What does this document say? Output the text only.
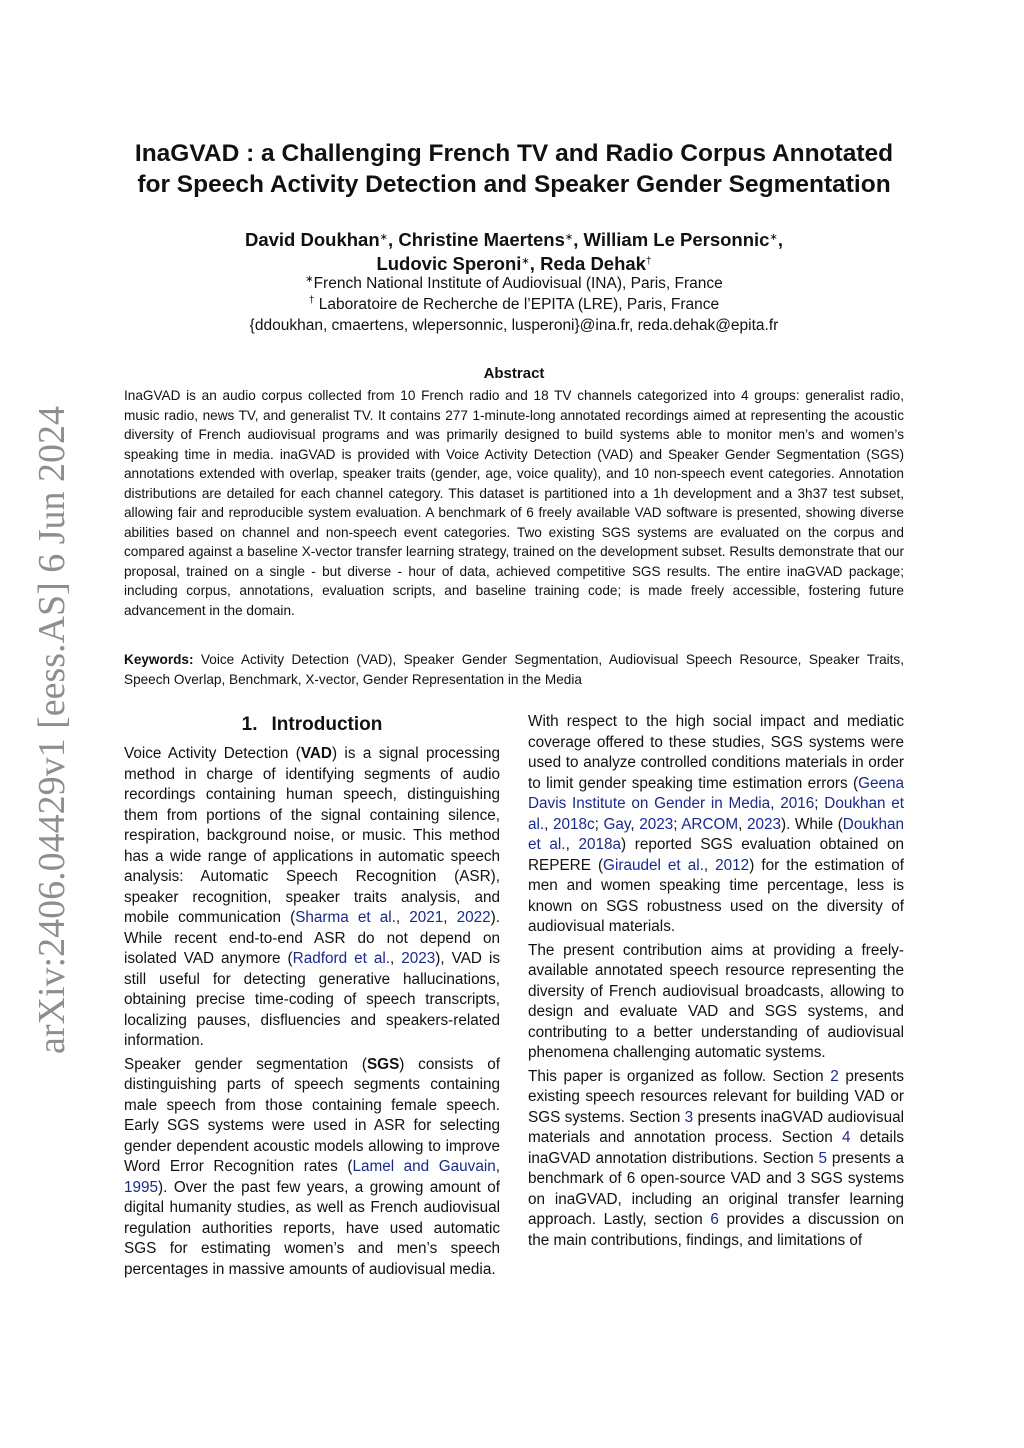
arXiv:2406.04429v1 [eess.AS] 6 Jun 2024
InaGVAD : a Challenging French TV and Radio Corpus Annotated
for Speech Activity Detection and Speaker Gender Segmentation
David Doukhan∗, Christine Maertens∗, William Le Personnic∗,
Ludovic Speroni∗, Reda Dehak†
∗French National Institute of Audiovisual (INA), Paris, France
† Laboratoire de Recherche de l’EPITA (LRE), Paris, France
{ddoukhan, cmaertens, wlepersonnic, lusperoni}@ina.fr, reda.dehak@epita.fr
Abstract

InaGVAD is an audio corpus collected from 10 French radio and 18 TV channels categorized into 4 groups: generalist radio, music radio, news TV, and generalist TV. It contains 277 1-minute-long annotated recordings aimed at representing the acoustic diversity of French audiovisual programs and was primarily designed to build systems able to monitor men’s and women’s speaking time in media. inaGVAD is provided with Voice Activity Detection (VAD) and Speaker Gender Segmentation (SGS) annotations extended with overlap, speaker traits (gender, age, voice quality), and 10 non-speech event categories. Annotation distributions are detailed for each channel category. This dataset is partitioned into a 1h development and a 3h37 test subset, allowing fair and reproducible system evaluation. A benchmark of 6 freely available VAD software is presented, showing diverse abilities based on channel and non-speech event categories. Two existing SGS systems are evaluated on the corpus and compared against a baseline X-vector transfer learning strategy, trained on the development subset. Results demonstrate that our proposal, trained on a single - but diverse - hour of data, achieved competitive SGS results. The entire inaGVAD package; including corpus, annotations, evaluation scripts, and baseline training code; is made freely accessible, fostering future advancement in the domain.

Keywords: Voice Activity Detection (VAD), Speaker Gender Segmentation, Audiovisual Speech Resource, Speaker Traits, Speech Overlap, Benchmark, X-vector, Gender Representation in the Media

1. Introduction

Voice Activity Detection (VAD) is a signal processing method in charge of identifying segments of audio recordings containing human speech, distinguishing them from portions of the signal containing silence, respiration, background noise, or music. This method has a wide range of applications in automatic speech analysis: Automatic Speech Recognition (ASR), speaker recognition, speaker traits analysis, and mobile communication (Sharma et al., 2021, 2022). While recent end-to-end ASR do not depend on isolated VAD anymore (Radford et al., 2023), VAD is still useful for detecting generative hallucinations, obtaining precise time-coding of speech transcripts, localizing pauses, disfluencies and speakers-related information.

Speaker gender segmentation (SGS) consists of distinguishing parts of speech segments containing male speech from those containing female speech. Early SGS systems were used in ASR for selecting gender dependent acoustic models allowing to improve Word Error Recognition rates (Lamel and Gauvain, 1995). Over the past few years, a growing amount of digital humanity studies, as well as French audiovisual regulation authorities reports, have used automatic SGS for estimating women’s and men’s speech percentages in massive amounts of audiovisual media.

With respect to the high social impact and mediatic coverage offered to these studies, SGS systems were used to analyze controlled conditions materials in order to limit gender speaking time estimation errors (Geena Davis Institute on Gender in Media, 2016; Doukhan et al., 2018c; Gay, 2023; ARCOM, 2023). While (Doukhan et al., 2018a) reported SGS evaluation obtained on REPERE (Giraudel et al., 2012) for the estimation of men and women speaking time percentage, less is known on SGS robustness used on the diversity of audiovisual materials.

The present contribution aims at providing a freely-available annotated speech resource representing the diversity of French audiovisual broadcasts, allowing to design and evaluate VAD and SGS systems, and contributing to a better understanding of audiovisual phenomena challenging automatic systems.

This paper is organized as follow. Section 2 presents existing speech resources relevant for building VAD or SGS systems. Section 3 presents inaGVAD audiovisual materials and annotation process. Section 4 details inaGVAD annotation distributions. Section 5 presents a benchmark of 6 open-source VAD and 3 SGS systems on inaGVAD, including an original transfer learning approach. Lastly, section 6 provides a discussion on the main contributions, findings, and limitations of
